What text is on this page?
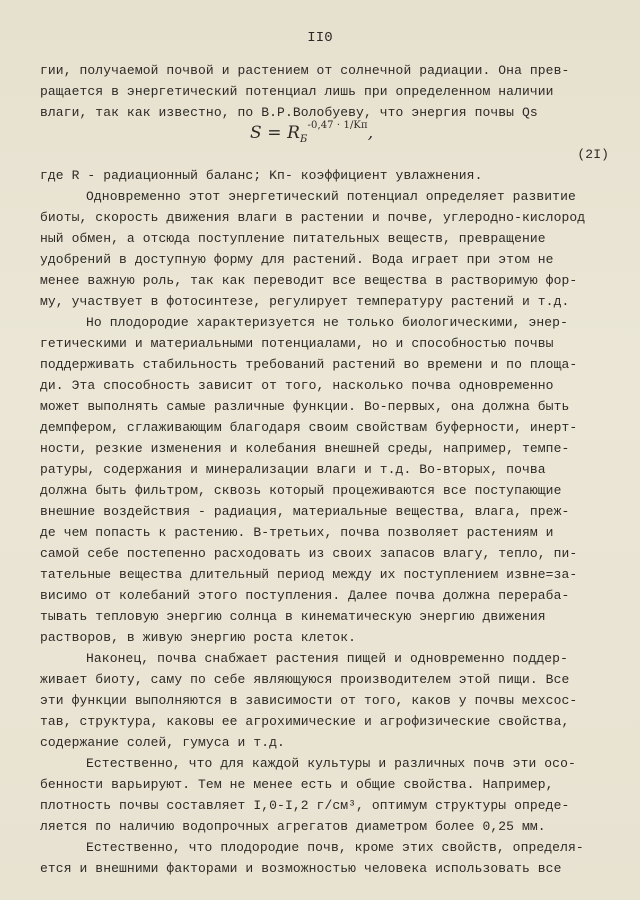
II0
гии, получаемой почвой и растением от солнечной радиации. Она прев-
ращается в энергетический потенциал лишь при определенном наличии
влаги, так как известно, по В.Р.Волобуеву, что энергия почвы Qs
$S = R_Б^{-0,47 \cdot 1/Kп}$,
(2I)
где R - радиационный баланс; Kп- коэффициент увлажнения.
Одновременно этот энергетический потенциал определяет развитие
биоты, скорость движения влаги в растении и почве, углеродно-кислород
ный обмен, а отсюда поступление питательных веществ, превращение
удобрений в доступную форму для растений. Вода играет при этом не
менее важную роль, так как переводит все вещества в растворимую фор-
му, участвует в фотосинтезе, регулирует температуру растений и т.д.
Но плодородие характеризуется не только биологическими, энер-
гетическими и материальными потенциалами, но и способностью почвы
поддерживать стабильность требований растений во времени и по площа-
ди. Эта способность зависит от того, насколько почва одновременно
может выполнять самые различные функции. Во-первых, она должна быть
демпфером, сглаживающим благодаря своим свойствам буферности, инерт-
ности, резкие изменения и колебания внешней среды, например, темпе-
ратуры, содержания и минерализации влаги и т.д. Во-вторых, почва
должна быть фильтром, сквозь который процеживаются все поступающие
внешние воздействия - радиация, материальные вещества, влага, преж-
де чем попасть к растению. В-третьих, почва позволяет растениям и
самой себе постепенно расходовать из своих запасов влагу, тепло, пи-
тательные вещества длительный период между их поступлением извне=за-
висимо от колебаний этого поступления. Далее почва должна перераба-
тывать тепловую энергию солнца в кинематическую энергию движения
растворов, в живую энергию роста клеток.
Наконец, почва снабжает растения пищей и одновременно поддер-
живает биоту, саму по себе являющуюся производителем этой пищи. Все
эти функции выполняются в зависимости от того, каков у почвы мехсос-
тав, структура, каковы ее агрохимические и агрофизические свойства,
содержание солей, гумуса и т.д.
Естественно, что для каждой культуры и различных почв эти осо-
бенности варьируют. Тем не менее есть и общие свойства. Например,
плотность почвы составляет I,0-I,2 г/см³, оптимум структуры опреде-
ляется по наличию водопрочных агрегатов диаметром более 0,25 мм.
Естественно, что плодородие почв, кроме этих свойств, определя-
ется и внешними факторами и возможностью человека использовать все
